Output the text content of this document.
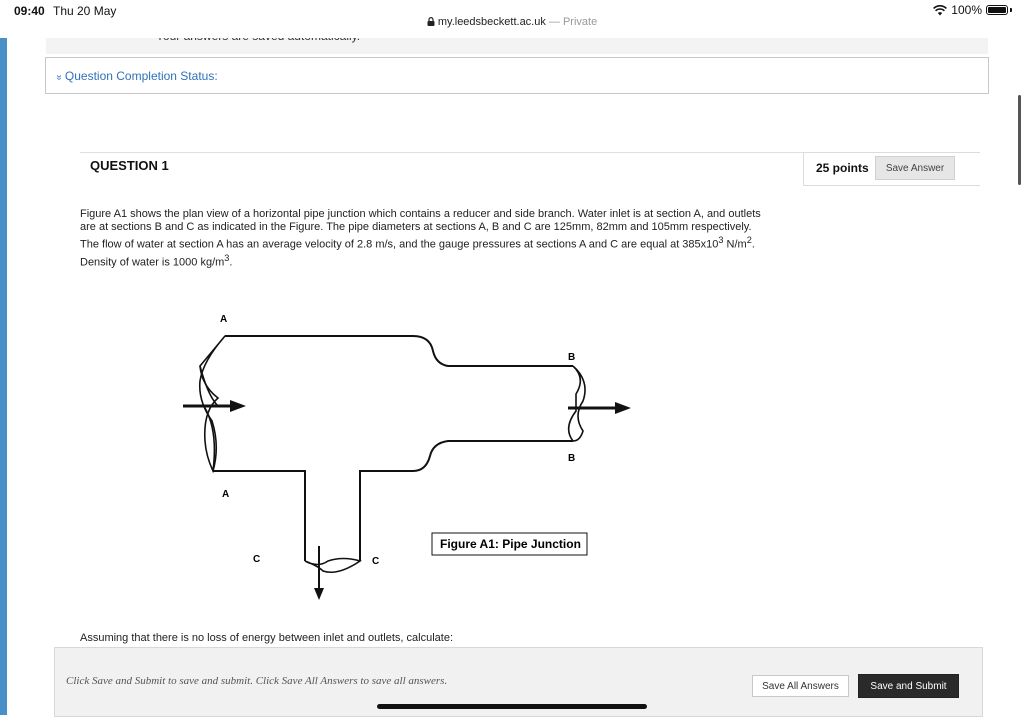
09:40 Thu 20 May	100%
my.leedsbeckett.ac.uk — Private
» Question Completion Status:
QUESTION 1	25 points	Save Answer
Figure A1 shows the plan view of a horizontal pipe junction which contains a reducer and side branch. Water inlet is at section A, and outlets are at sections B and C as indicated in the Figure. The pipe diameters at sections A, B and C are 125mm, 82mm and 105mm respectively. The flow of water at section A has an average velocity of 2.8 m/s, and the gauge pressures at sections A and C are equal at $385x10^3$ $N/m^2$. Density of water is 1000 $kg/m^3$.
A
A
B
B
C	C
Figure A1: Pipe Junction
Assuming that there is no loss of energy between inlet and outlets, calculate:
Click Save and Submit to save and submit. Click Save All Answers to save all answers.	Save All Answers	Save and Submit
